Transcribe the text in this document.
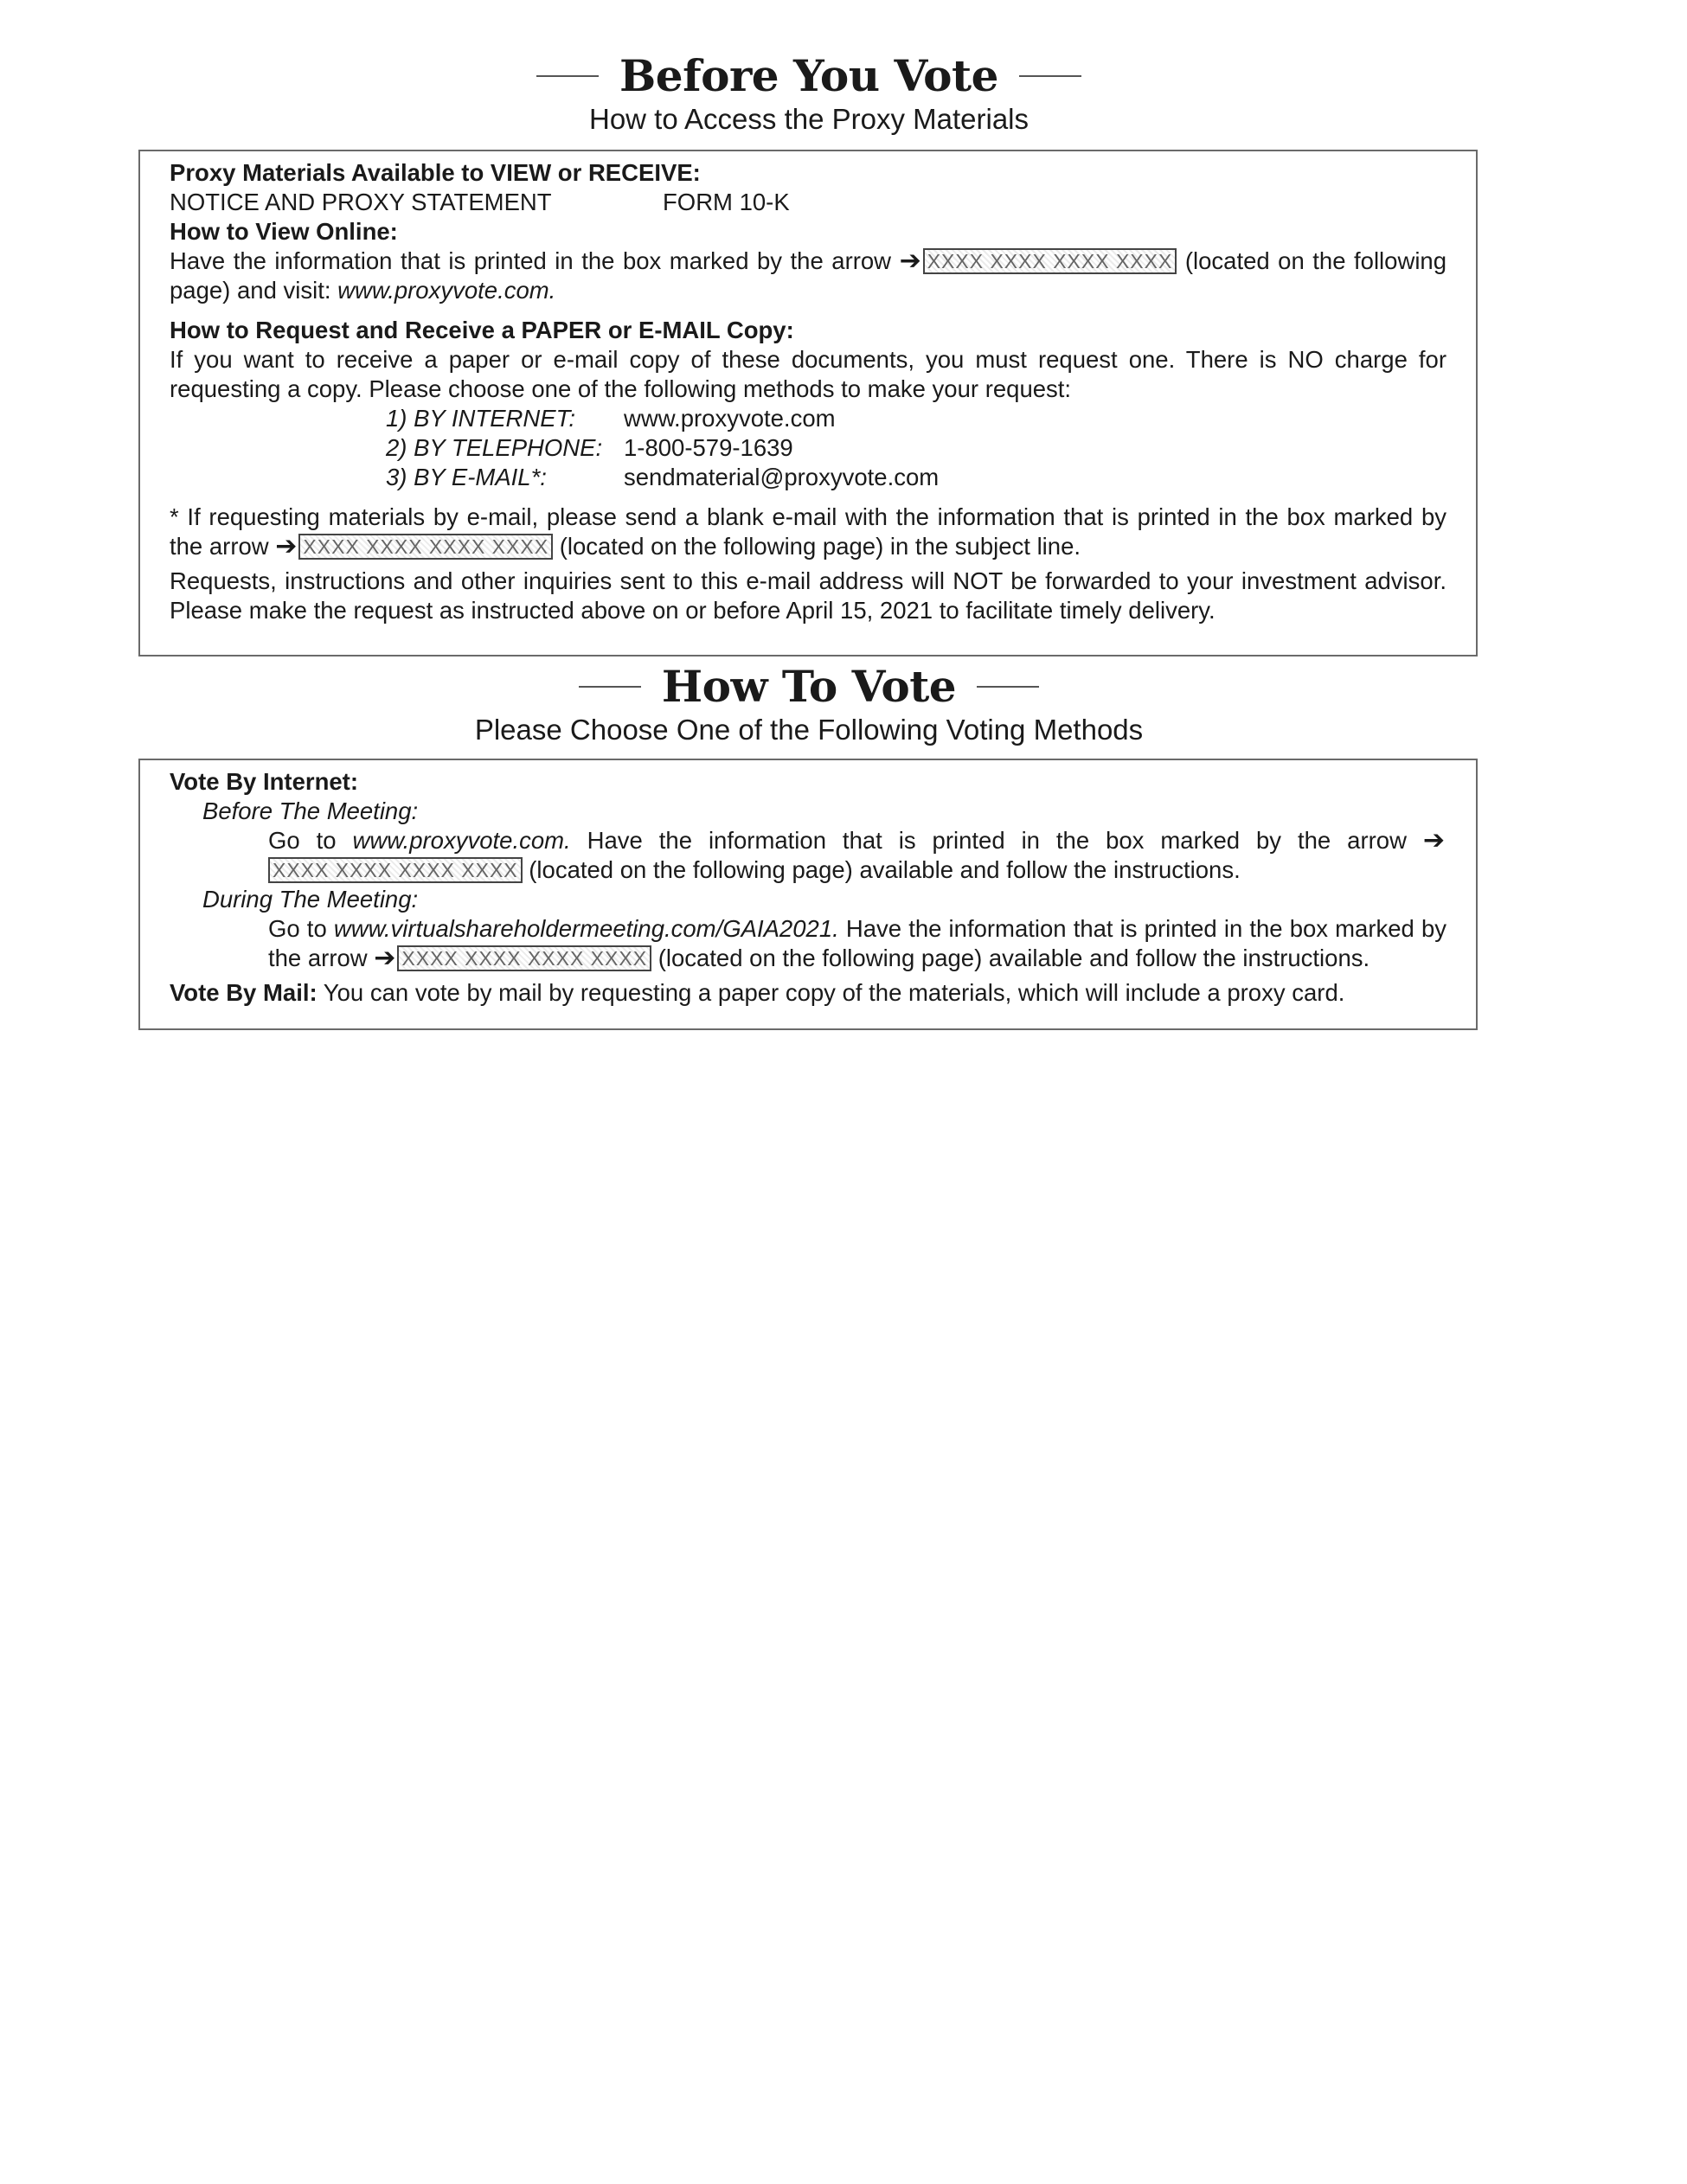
Before You Vote
How to Access the Proxy Materials
Proxy Materials Available to VIEW or RECEIVE:
NOTICE AND PROXY STATEMENT	FORM 10-K
How to View Online:
Have the information that is printed in the box marked by the arrow ➔ XXXX XXXX XXXX XXXX (located on the following page) and visit: www.proxyvote.com.
How to Request and Receive a PAPER or E-MAIL Copy:
If you want to receive a paper or e-mail copy of these documents, you must request one. There is NO charge for requesting a copy. Please choose one of the following methods to make your request:
1) BY INTERNET:	www.proxyvote.com
2) BY TELEPHONE: 1-800-579-1639
3) BY E-MAIL*:	sendmaterial@proxyvote.com
* If requesting materials by e-mail, please send a blank e-mail with the information that is printed in the box marked by the arrow ➔ XXXX XXXX XXXX XXXX (located on the following page) in the subject line.
Requests, instructions and other inquiries sent to this e-mail address will NOT be forwarded to your investment advisor. Please make the request as instructed above on or before April 15, 2021 to facilitate timely delivery.
How To Vote
Please Choose One of the Following Voting Methods
Vote By Internet:
Before The Meeting:
Go to www.proxyvote.com. Have the information that is printed in the box marked by the arrow ➔XXXX XXXX XXXX XXXX (located on the following page) available and follow the instructions.
During The Meeting:
Go to www.virtualshareholdermeeting.com/GAIA2021. Have the information that is printed in the box marked by the arrow ➔ XXXX XXXX XXXX XXXX (located on the following page) available and follow the instructions.
Vote By Mail: You can vote by mail by requesting a paper copy of the materials, which will include a proxy card.
